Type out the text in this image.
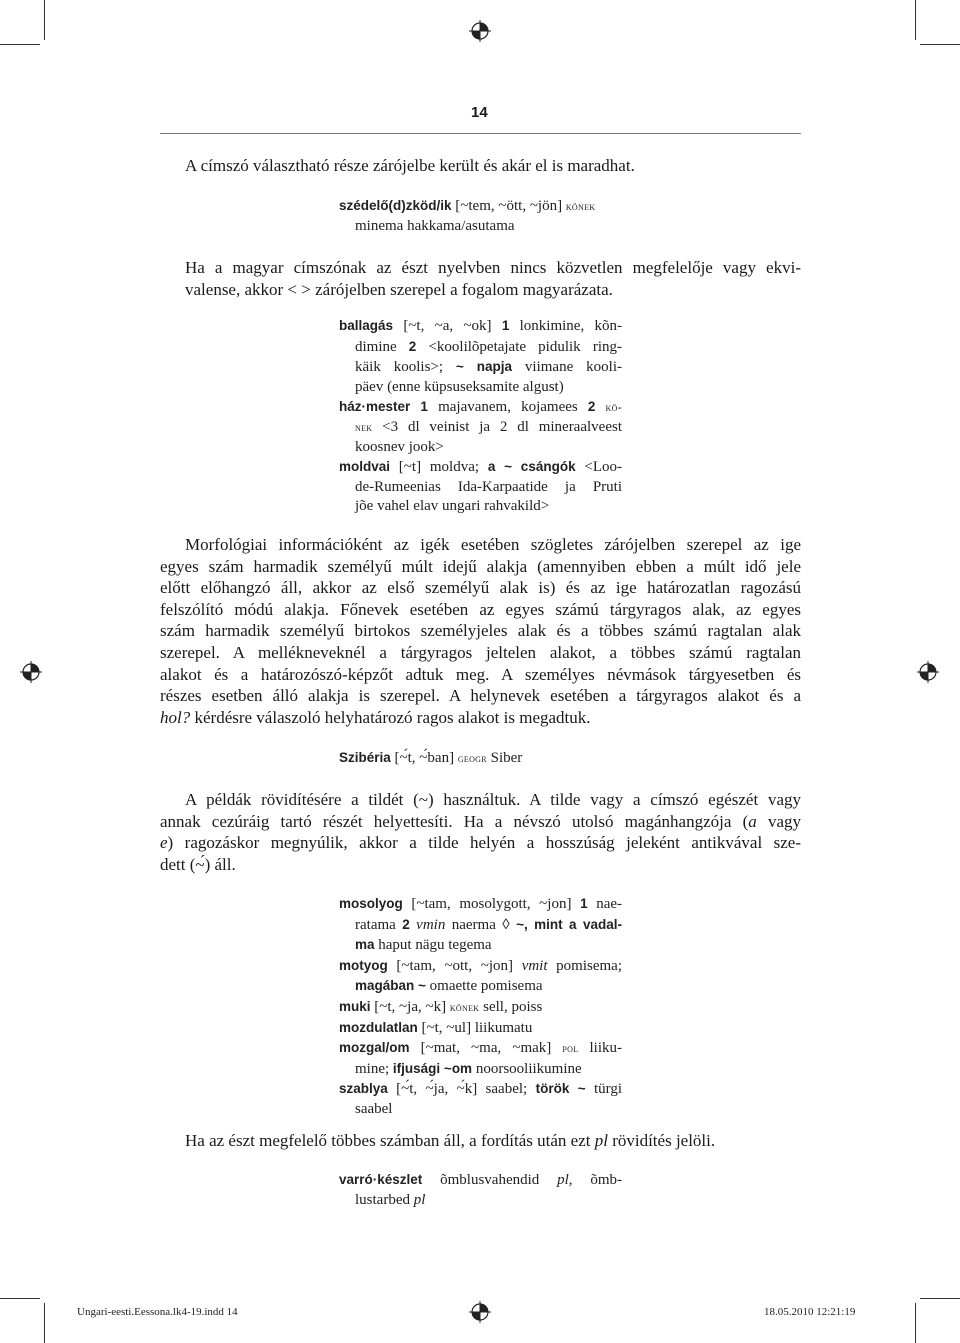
14
A címszó választható része zárójelbe került és akár el is maradhat.
szédelő(d)zköd/ik [~tem, ~ött, ~jön] könek
minema hakkama/asutama
Ha a magyar címszónak az észt nyelvben nincs közvetlen megfelelője vagy ekvi-
valense, akkor < > zárójelben szerepel a fogalom magyarázata.
ballagás [~t, ~a, ~ok] 1 lonkimine, kõn-
dimine 2 <koolilõpetajate pidulik ring-
käik koolis>; ~ napja viimane kooli-
päev (enne küpsuseksamite algust)
ház·mester 1 majavanem, kojamees 2 kö-
nek <3 dl veinist ja 2 dl mineraalveest
koosnev jook>
moldvai [~t] moldva; a ~ csángók <Loo-
de-Rumeenias Ida-Karpaatide ja Pruti
jõe vahel elav ungari rahvakild>
Morfológiai információként az igék esetében szögletes zárójelben szerepel az ige
egyes szám harmadik személyű múlt idejű alakja (amennyiben ebben a múlt idő jele
előtt előhangzó áll, akkor az első személyű alak is) és az ige határozatlan ragozású
felszólító módú alakja. Főnevek esetében az egyes számú tárgyragos alak, az egyes
szám harmadik személyű birtokos személyjeles alak és a többes számú ragtalan alak
szerepel. A mellékneveknél a tárgyragos jeltelen alakot, a többes számú ragtalan
alakot és a határozószó-képzőt adtuk meg. A személyes névmások tárgyesetben és
részes esetben álló alakja is szerepel. A helynevek esetében a tárgyragos alakot és a
hol? kérdésre válaszoló helyhatározó ragos alakot is megadtuk.
Szibéria [~́t, ~́ban] geogr Siber
A példák rövidítésére a tildét (~) használtuk. A tilde vagy a címszó egészét vagy
annak cezúráig tartó részét helyettesíti. Ha a névszó utolsó magánhangzója (a vagy
e) ragozáskor megnyúlik, akkor a tilde helyén a hosszúság jeleként antikvával sze-
dett (~́) áll.
mosolyog [~tam, mosolygott, ~jon] 1 nae-
ratama 2 vmin naerma ◊ ~, mint a vadal-
ma haput nägu tegema
motyog [~tam, ~ott, ~jon] vmit pomisema;
magában ~ omaette pomisema
muki [~t, ~ja, ~k] könek sell, poiss
mozdulatlan [~t, ~ul] liikumatu
mozgal/om [~mat, ~ma, ~mak] pol liiku-
mine; ifjusági ~om noorsooliikumine
szablya [~́t, ~́ja, ~́k] saabel; török ~ türgi
saabel
Ha az észt megfelelő többes számban áll, a fordítás után ezt pl rövidítés jelöli.
varró·készlet õmblusvahendid pl, õmb-
lustarbed pl
Ungari-eesti.Eessona.lk4-19.indd 14	18.05.2010 12:21:19
